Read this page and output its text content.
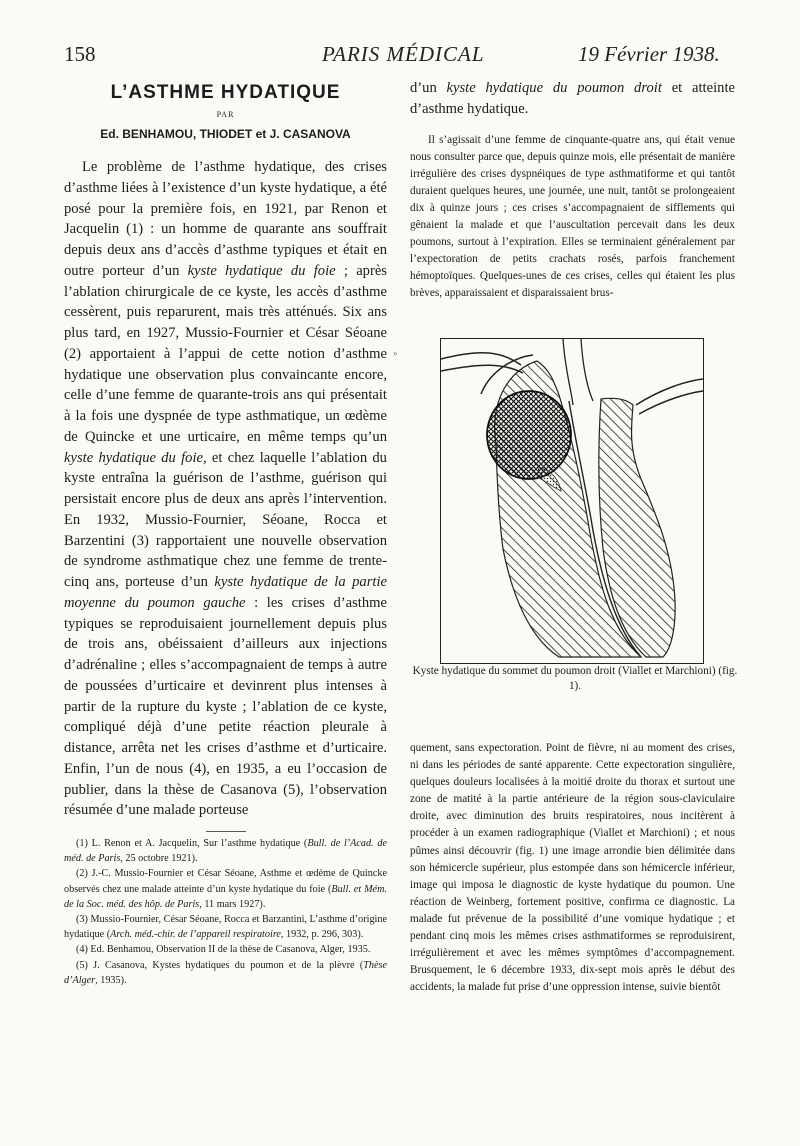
158	PARIS MÉDICAL	19 Février 1938.
L’ASTHME HYDATIQUE
PAR
Ed. BENHAMOU, THIODET et J. CASANOVA

Le problème de l’asthme hydatique, des crises d’asthme liées à l’existence d’un kyste hydatique, a été posé pour la première fois, en 1921, par Renon et Jacquelin (1) : un homme de quarante ans souffrait depuis deux ans d’accès d’asthme typiques et était en outre porteur d’un kyste hydatique du foie ; après l’ablation chirurgicale de ce kyste, les accès d’asthme cessèrent, puis reparurent, mais très atténués. Six ans plus tard, en 1927, Mussio-Fournier et César Séoane (2) apportaient à l’appui de cette notion d’asthme hydatique une observation plus convaincante encore, celle d’une femme de quarante-trois ans qui présentait à la fois une dyspnée de type asthmatique, un œdème de Quincke et une urticaire, en même temps qu’un kyste hydatique du foie, et chez laquelle l’ablation du kyste entraîna la guérison de l’asthme, guérison qui persistait encore plus de deux ans après l’intervention. En 1932, Mussio-Fournier, Séoane, Rocca et Barzentini (3) rapportaient une nouvelle observation de syndrome asthmatique chez une femme de trente-cinq ans, porteuse d’un kyste hydatique de la partie moyenne du poumon gauche : les crises d’asthme typiques se reproduisaient journellement depuis plus de trois ans, obéissaient d’ailleurs aux injections d’adrénaline ; elles s’accompagnaient de temps à autre de poussées d’urticaire et devinrent plus intenses à partir de la rupture du kyste ; l’ablation de ce kyste, compliqué déjà d’une petite réaction pleurale à distance, arrêta net les crises d’asthme et d’urticaire. Enfin, l’un de nous (4), en 1935, a eu l’occasion de publier, dans la thèse de Casanova (5), l’observation résumée d’une malade porteuse

(1) L. Renon et A. Jacquelin, Sur l’asthme hydatique (Bull. de l’Acad. de méd. de Paris, 25 octobre 1921).

(2) J.-C. Mussio-Fournier et César Séoane, Asthme et œdème de Quincke observés chez une malade atteinte d’un kyste hydatique du foie (Bull. et Mém. de la Soc. méd. des hôp. de Paris, 11 mars 1927).

(3) Mussio-Fournier, César Séoane, Rocca et Barzantini, L’asthme d’origine hydatique (Arch. méd.-chir. de l’appareil respiratoire, 1932, p. 296, 303).

(4) Ed. Benhamou, Observation II de la thèse de Casanova, Alger, 1935.

(5) J. Casanova, Kystes hydatiques du poumon et de la plèvre (Thèse d’Alger, 1935).

d’un kyste hydatique du poumon droit et atteinte d’asthme hydatique.

Il s’agissait d’une femme de cinquante-quatre ans, qui était venue nous consulter parce que, depuis quinze mois, elle présentait de manière irrégulière des crises dyspnéiques de type asthmatiforme et qui tantôt duraient quelques heures, une journée, une nuit, tantôt se prolongeaient dix à quinze jours ; ces crises s’accompagnaient de sifflements qui gênaient la malade et que l’auscultation percevait dans les deux poumons, surtout à l’expiration. Elles se terminaient généralement par l’expectoration de petits crachats rosés, parfois franchement hémoptoïques. Quelques-unes de ces crises, celles qui étaient les plus brèves, apparaissaient et disparaissaient brus-

»

Kyste hydatique du sommet du poumon droit (Viallet et Marchioni) (fig. 1).

quement, sans expectoration. Point de fièvre, ni au moment des crises, ni dans les périodes de santé apparente. Cette expectoration singulière, quelques douleurs localisées à la moitié droite du thorax et surtout une zone de matité à la partie antérieure de la région sous-claviculaire droite, avec diminution des bruits respiratoires, nous incitèrent à procéder à un examen radiographique (Viallet et Marchioni) ; et nous pûmes ainsi découvrir (fig. 1) une image arrondie bien délimitée dans son hémicercle supérieur, plus estompée dans son hémicercle inférieur, image qui imposa le diagnostic de kyste hydatique du poumon. Une réaction de Weinberg, fortement positive, confirma ce diagnostic. La malade fut prévenue de la possibilité d’une vomique hydatique ; et pendant cinq mois les mêmes crises asthmatiformes se reproduisirent, irrégulièrement et avec les mêmes symptômes d’accompagnement. Brusquement, le 6 décembre 1933, dix-sept mois après le début des accidents, la malade fut prise d’une oppression intense, suivie bientôt
